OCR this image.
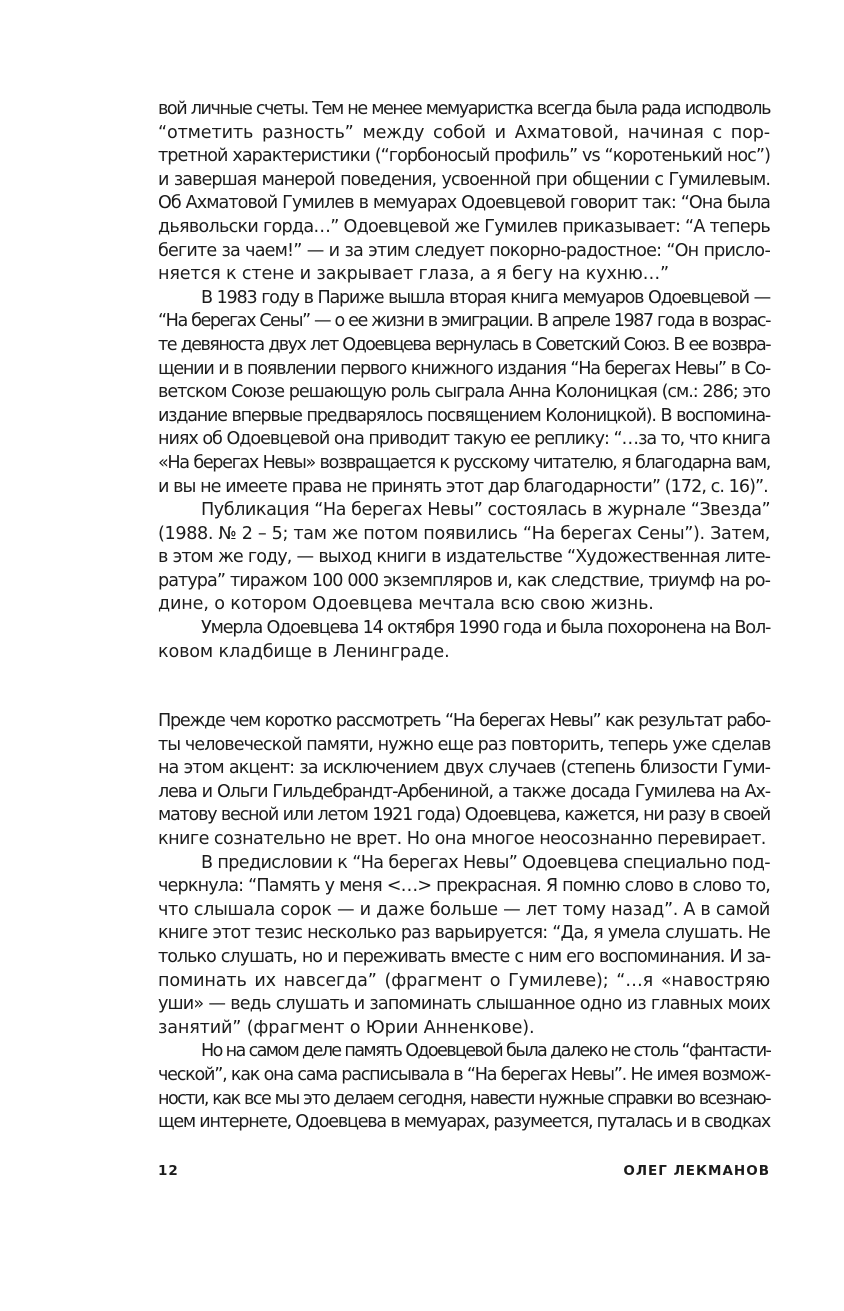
вой личные счеты. Тем не менее мемуаристка всегда была рада исподволь
“отметить разность” между собой и Ахматовой, начиная с пор-
третной характеристики (“горбоносый профиль” vs “коротенький нос”)
и завершая манерой поведения, усвоенной при общении с Гумилевым.
Об Ахматовой Гумилев в мемуарах Одоевцевой говорит так: “Она была
дьявольски горда…” Одоевцевой же Гумилев приказывает: “А теперь
бегите за чаем!” — и за этим следует покорно-радостное: “Он прислo-
няется к стене и закрывает глаза, а я бегу на кухню…”
В 1983 году в Париже вышла вторая книга мемуаров Одоевцевой —
“На берегах Сены” — о ее жизни в эмиграции. В апреле 1987 года в возрас-
те девяноста двух лет Одоевцева вернулась в Советский Союз. В ее возвра-
щении и в появлении первого книжного издания “На берегах Невы” в Со-
ветском Союзе решающую роль сыграла Анна Колоницкая (см.: 286; это
издание впервые предварялось посвящением Колоницкой). В воспомина-
ниях об Одоевцевой она приводит такую ее реплику: “…за то, что книга
«На берегах Невы» возвращается к русскому читателю, я благодарна вам,
и вы не имеете права не принять этот дар благодарности” (172, с. 16)”.
Публикация “На берегах Невы” состоялась в журнале “Звезда”
(1988. № 2 – 5; там же потом появились “На берегах Сены”). Затем,
в этом же году, — выход книги в издательстве “Художественная лите-
ратура” тиражом 100 000 экземпляров и, как следствие, триумф на ро-
дине, о котором Одоевцева мечтала всю свою жизнь.
Умерла Одоевцева 14 октября 1990 года и была похоронена на Вол-
ковом кладбище в Ленинграде.
Прежде чем коротко рассмотреть “На берегах Невы” как результат рабо-
ты человеческой памяти, нужно еще раз повторить, теперь уже сделав
на этом акцент: за исключением двух случаев (степень близости Гуми-
лева и Ольги Гильдебрандт-Арбениной, а также досада Гумилева на Ах-
матову весной или летом 1921 года) Одоевцева, кажется, ни разу в своей
книге сознательно не врет. Но она многое неосознанно перевирает.
В предисловии к “На берегах Невы” Одоевцева специально под-
черкнула: “Память у меня <…> прекрасная. Я помню слово в слово то,
что слышала сорок — и даже больше — лет тому назад”. А в самой
книге этот тезис несколько раз варьируется: “Да, я умела слушать. Не
только слушать, но и переживать вместе с ним его воспоминания. И за-
поминать их навсегда” (фрагмент о Гумилеве); “…я «навостряю
уши» — ведь слушать и запоминать слышанное одно из главных моих
занятий” (фрагмент о Юрии Анненкове).
Но на самом деле память Одоевцевой была далеко не столь “фантасти-
ческой”, как она сама расписывала в “На берегах Невы”. Не имея возмож-
ности, как все мы это делаем сегодня, навести нужные справки во всезнаю-
щем интернете, Одоевцева в мемуарах, разумеется, путалась и в сводках
12	ОЛЕГ ЛЕКМАНОВ
